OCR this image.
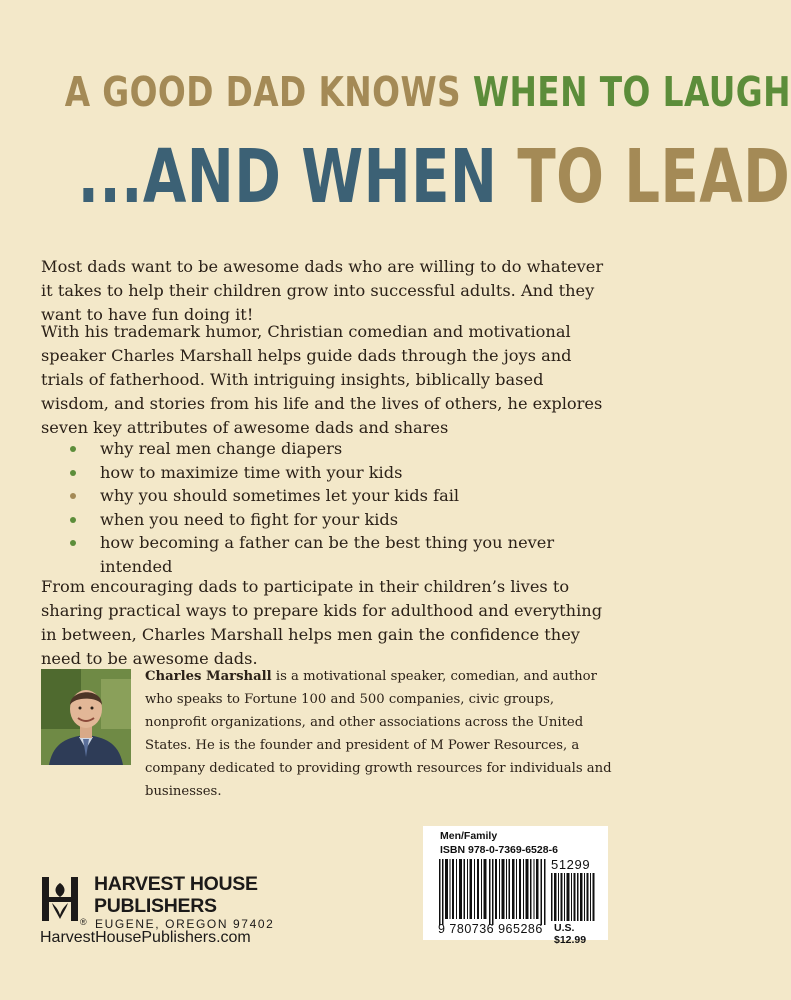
A GOOD DAD KNOWS WHEN TO LAUGH
...AND WHEN TO LEAD

Most dads want to be awesome dads who are willing to do whatever it takes to help their children grow into successful adults. And they want to have fun doing it!

With his trademark humor, Christian comedian and motivational speaker Charles Marshall helps guide dads through the joys and trials of fatherhood. With intriguing insights, biblically based wisdom, and stories from his life and the lives of others, he explores seven key attributes of awesome dads and shares

why real men change diapers
how to maximize time with your kids
why you should sometimes let your kids fail
when you need to fight for your kids
how becoming a father can be the best thing you never intended

From encouraging dads to participate in their children’s lives to sharing practical ways to prepare kids for adulthood and everything in between, Charles Marshall helps men gain the confidence they need to be awesome dads.

Charles Marshall is a motivational speaker, comedian, and author who speaks to Fortune 100 and 500 companies, civic groups, nonprofit organizations, and other associations across the United States. He is the founder and president of M Power Resources, a company dedicated to providing growth resources for individuals and businesses.

HARVEST HOUSE
PUBLISHERS
® EUGENE, OREGON 97402
HarvestHousePublishers.com
Men/Family
ISBN 978-0-7369-6528-6
51299
9 780736 965286 U.S. $12.99
